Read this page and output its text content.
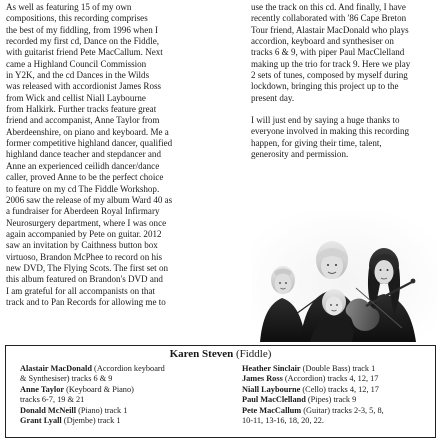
As well as featuring 15 of my own
compositions, this recording comprises
the best of my fiddling, from 1996 when I
recorded my first cd, Dance on the Fiddle,
with guitarist friend Pete MacCallum. Next
came a Highland Council Commission
in Y2K, and the cd Dances in the Wilds
was released with accordionist James Ross
from Wick and cellist Niall Laybourne
from Halkirk. Further tracks feature great
friend and accompanist, Anne Taylor from
Aberdeenshire, on piano and keyboard. Me a
former competitive highland dancer, qualified
highland dance teacher and stepdancer and
Anne an experienced ceilidh dancer/dance
caller, proved Anne to be the perfect choice
to feature on my cd The Fiddle Workshop.
2006 saw the release of my album Ward 40 as
a fundraiser for Aberdeen Royal Infirmary
Neurosurgery department, where I was once
again accompanied by Pete on guitar. 2012
saw an invitation by Caithness button box
virtuoso, Brandon McPhee to record on his
new DVD, The Flying Scots. The first set on
this album featured on Brandon's DVD and
I am grateful for all accompanists on that
track and to Pan Records for allowing me to

use the track on this cd. And finally, I have
recently collaborated with '86 Cape Breton
Tour friend, Alastair MacDonald who plays
accordion, keyboard and synthesiser on
tracks 6 & 9, with piper Paul MacClelland
making up the trio for track 9. Here we play
2 sets of tunes, composed by myself during
lockdown, bringing this project up to the
present day.

I will just end by saying a huge thanks to
everyone involved in making this recording
happen, for giving their time, talent,
generosity and permission.

Karen Steven (Fiddle)
Alastair MacDonald (Accordion keyboard
& Synthesiser) tracks 6 & 9
Anne Taylor (Keyboard & Piano)
tracks 6-7, 19 & 21
Donald McNeill (Piano) track 1
Grant Lyall (Djembe) track 1
Heather Sinclair (Double Bass) track 1
James Ross (Accordion) tracks 4, 12, 17
Niall Laybourne (Cello) tracks 4, 12, 17
Paul MacClelland (Pipes) track 9
Pete MacCallum (Guitar) tracks 2-3, 5, 8,
10-11, 13-16, 18, 20, 22.
